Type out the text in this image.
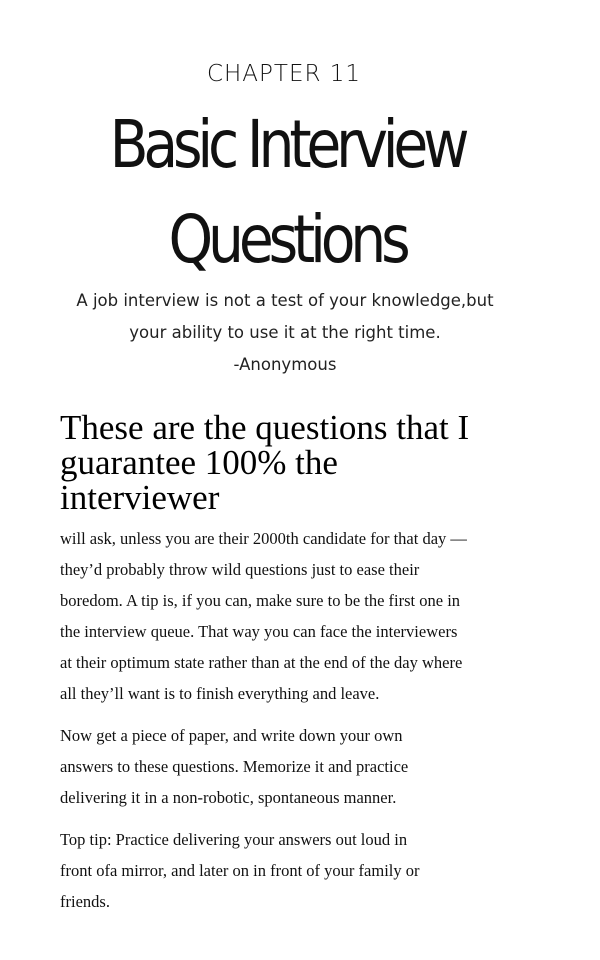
CHAPTER 11
Basic Interview
Questions
A job interview is not a test of your knowledge,but
your ability to use it at the right time.
-Anonymous
These are the questions that I
guarantee 100% the
interviewer
will ask, unless you are their 2000th candidate for that day —
they’d probably throw wild questions just to ease their
boredom. A tip is, if you can, make sure to be the first one in
the interview queue. That way you can face the interviewers
at their optimum state rather than at the end of the day where
all they’ll want is to finish everything and leave.
Now get a piece of paper, and write down your own
answers to these questions. Memorize it and practice
delivering it in a non-robotic, spontaneous manner.
Top tip: Practice delivering your answers out loud in
front ofa mirror, and later on in front of your family or
friends.
